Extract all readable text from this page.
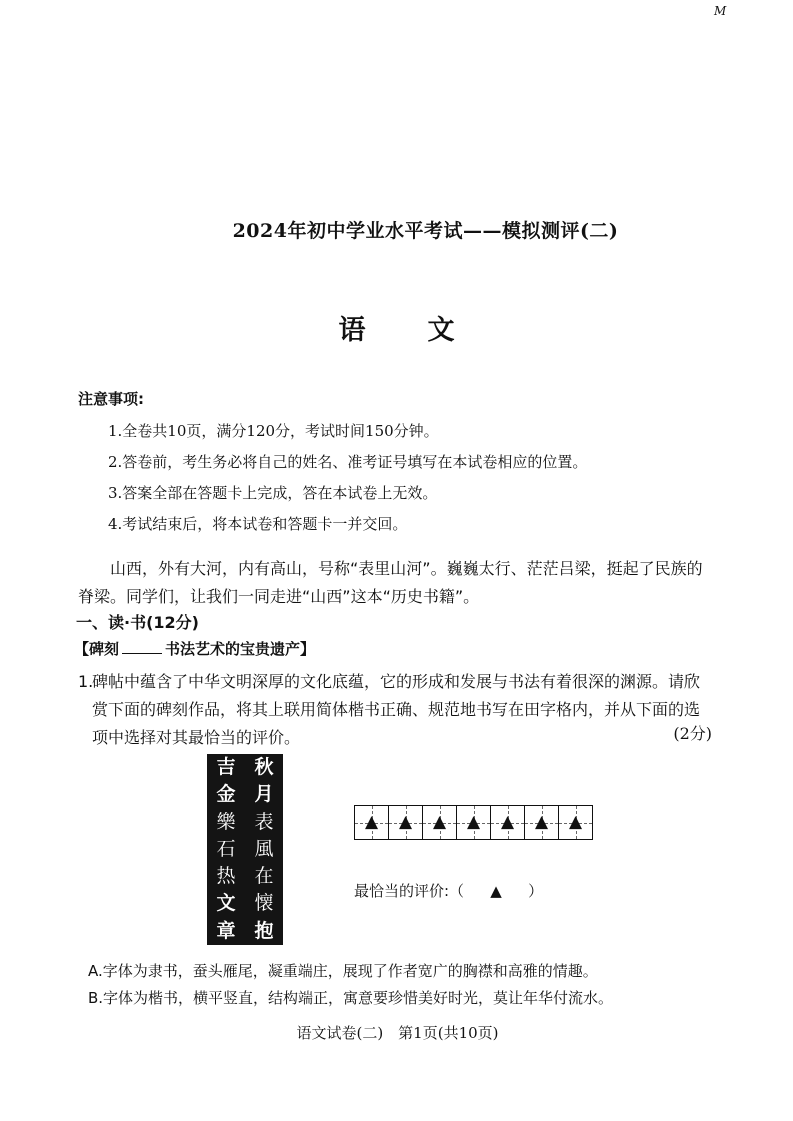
M
2024年初中学业水平考试——模拟测评(二)
语文
注意事项:
1.全卷共10页，满分120分，考试时间150分钟。
2.答卷前，考生务必将自己的姓名、准考证号填写在本试卷相应的位置。
3.答案全部在答题卡上完成，答在本试卷上无效。
4.考试结束后，将本试卷和答题卡一并交回。
山西，外有大河，内有高山，号称“表里山河”。巍巍太行、茫茫吕梁，挺起了民族的脊梁。同学们，让我们一同走进“山西”这本“历史书籍”。
一、读·书(12分)
【碑刻	书法艺术的宝贵遗产】
1.
碑帖中蕴含了中华文明深厚的文化底蕴，它的形成和发展与书法有着很深的渊源。请欣赏下面的碑刻作品，将其上联用简体楷书正确、规范地书写在田字格内，并从下面的选项中选择对其最恰当的评价。	(2分)
吉
金
樂
石
热
文
章
秋
月
表
風
在
懐
抱
▲	▲	▲	▲	▲	▲	▲
最恰当的评价:（ ▲ ）
A.字体为隶书，蚕头雁尾，凝重端庄，展现了作者宽广的胸襟和高雅的情趣。
B.字体为楷书，横平竖直，结构端正，寓意要珍惜美好时光，莫让年华付流水。
语文试卷(二)　第1页(共10页)
